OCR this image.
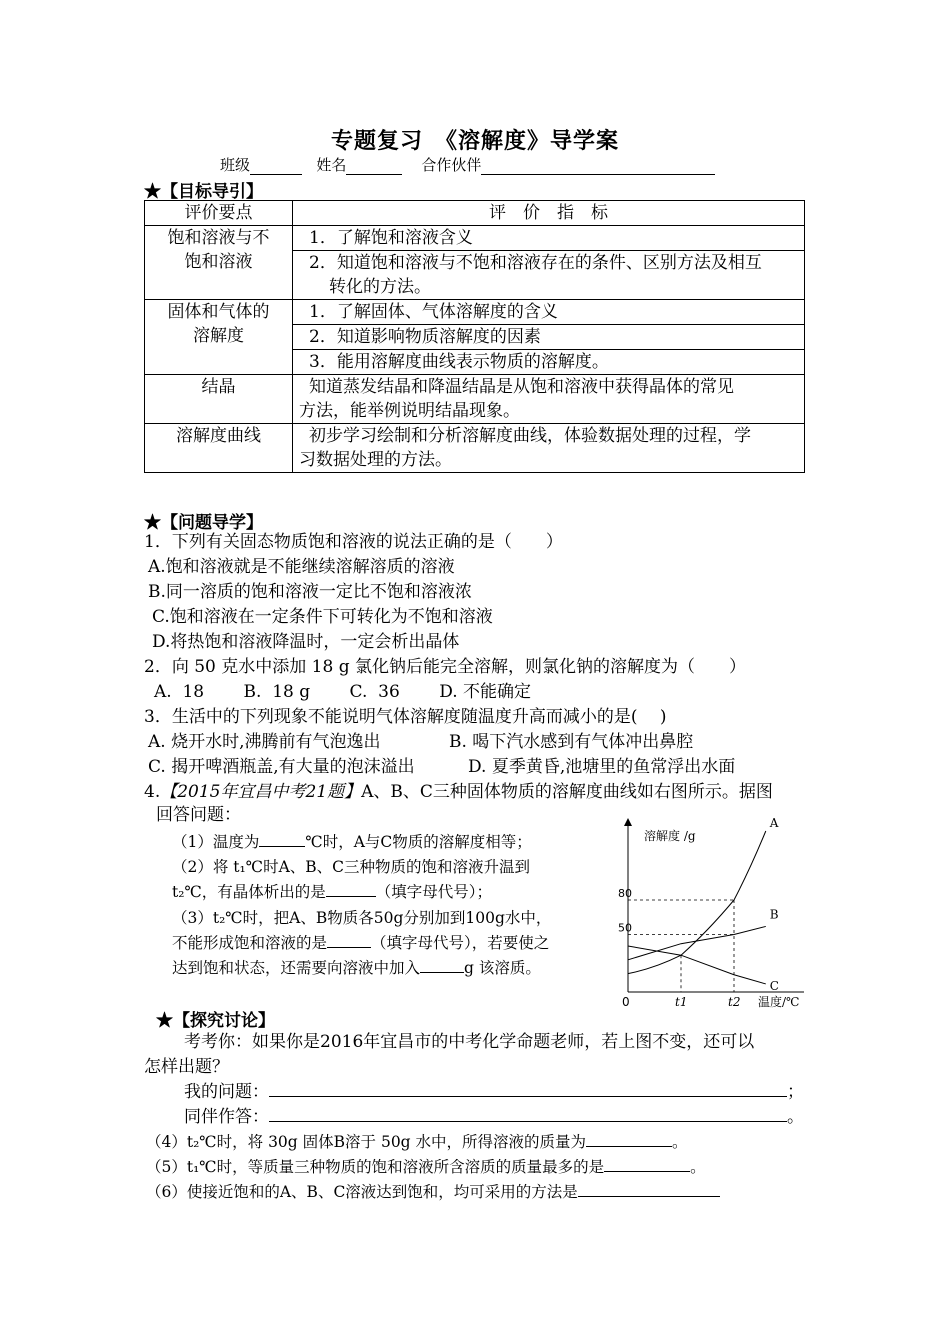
专题复习　《溶解度》导学案
班级	姓名	合作伙伴
★【目标导引】
评价要点	评　价　指　标
饱和溶液与不饱和溶液	1．了解饱和溶液含义

	2．知道饱和溶液与不饱和溶液存在的条件、区别方法及相互
转化的方法。

固体和气体的溶解度	1．了解固体、气体溶解度的含义
	2．知道影响物质溶解度的因素
	3．能用溶解度曲线表示物质的溶解度。
结晶	知道蒸发结晶和降温结晶是从饱和溶液中获得晶体的常见
方法，能举例说明结晶现象。

溶解度曲线	初步学习绘制和分析溶解度曲线，体验数据处理的过程，学
习数据处理的方法。
★【问题导学】
1．下列有关固态物质饱和溶液的说法正确的是（　　）
A.饱和溶液就是不能继续溶解溶质的溶液
B.同一溶质的饱和溶液一定比不饱和溶液浓
C.饱和溶液在一定条件下可转化为不饱和溶液
D.将热饱和溶液降温时，一定会析出晶体
2．向 50 克水中添加 18 g 氯化钠后能完全溶解，则氯化钠的溶解度为（　　）
A.  18　　 B.  18 g　　 C.  36　　 D. 不能确定
3．生活中的下列现象不能说明气体溶解度随温度升高而减小的是(　 )
A. 烧开水时,沸腾前有气泡逸出	B. 喝下汽水感到有气体冲出鼻腔
C. 揭开啤酒瓶盖,有大量的泡沫溢出	D. 夏季黄昏,池塘里的鱼常浮出水面
4.【2015年宜昌中考21题】A、B、C三种固体物质的溶解度曲线如右图所示。据图
回答问题：
（1）温度为	℃时，A与C物质的溶解度相等；
（2）将 t₁℃时A、B、C三种物质的饱和溶液升温到
t₂℃，有晶体析出的是	（填字母代号）；
（3）t₂℃时，把A、B物质各50g分别加到100g水中，
不能形成饱和溶液的是	（填字母代号），若要使之
达到饱和状态，还需要向溶液中加入	g 该溶质。
溶解度 /g
温度/℃
0
50
80
t1	t2
A
B
C
★【探究讨论】
考考你：如果你是2016年宜昌市的中考化学命题老师，若上图不变，还可以
怎样出题？
我的问题：	；
同伴作答：	。
（4）t₂℃时，将 30g 固体B溶于 50g 水中，所得溶液的质量为	。
（5）t₁℃时，等质量三种物质的饱和溶液所含溶质的质量最多的是	。
（6）使接近饱和的A、B、C溶液达到饱和，均可采用的方法是
